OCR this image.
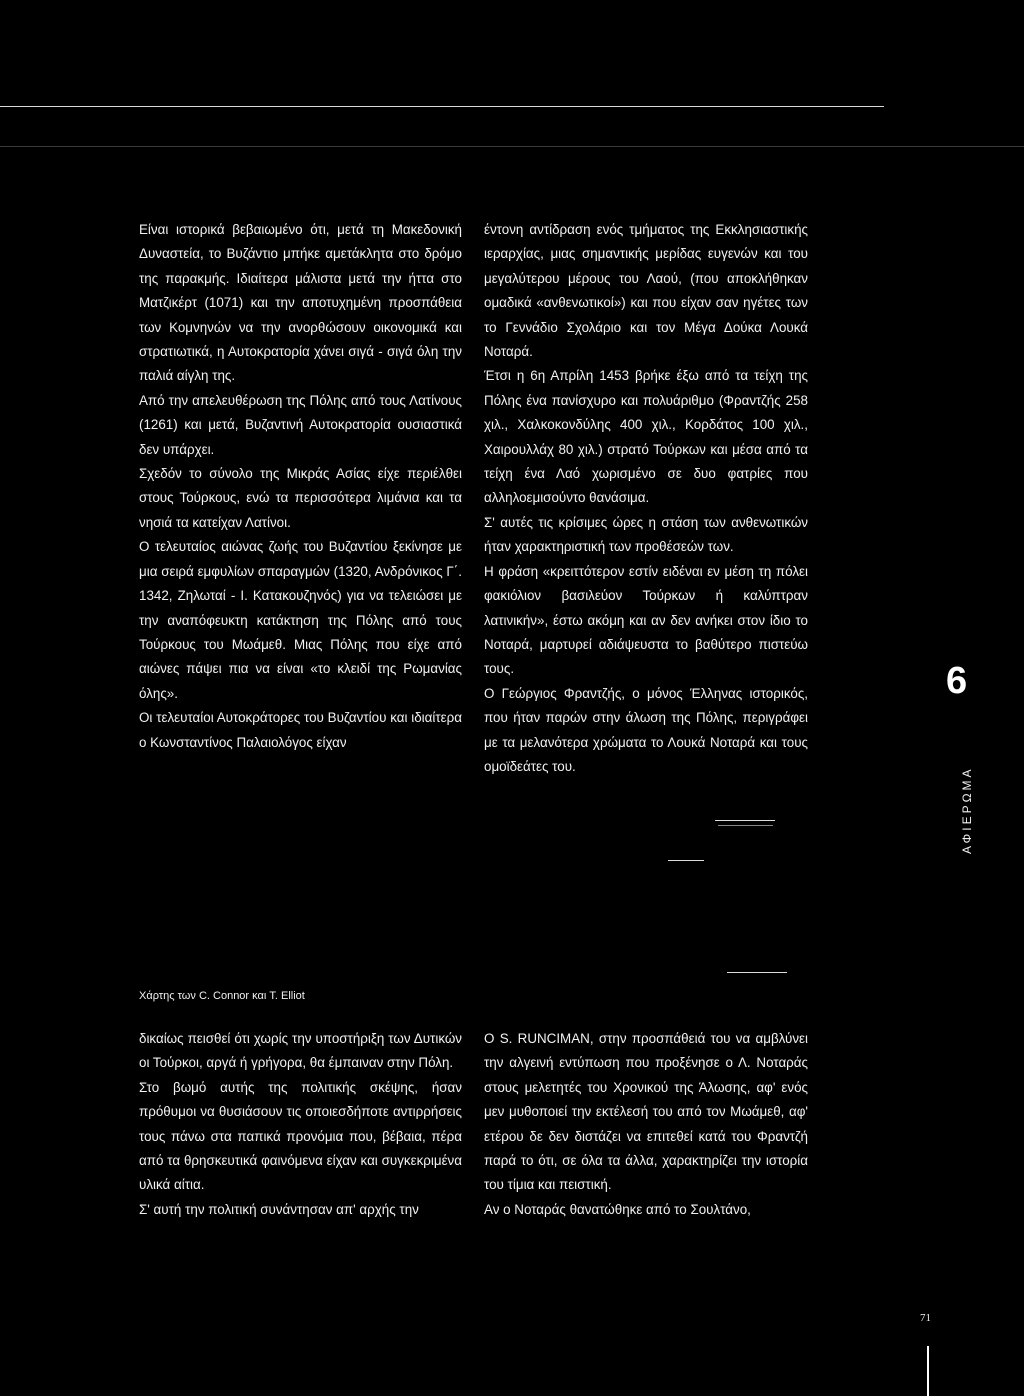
Είναι ιστορικά βεβαιωμένο ότι, μετά τη Μακεδονική Δυναστεία, το Βυζάντιο μπήκε αμετάκλητα στο δρόμο της παρακμής. Ιδιαίτερα μάλιστα μετά την ήττα στο Ματζικέρτ (1071) και την αποτυχημένη προσπάθεια των Κομνηνών να την ανορθώσουν οικονομικά και στρατιωτικά, η Αυτοκρατορία χάνει σιγά - σιγά όλη την παλιά αίγλη της.

Από την απελευθέρωση της Πόλης από τους Λατίνους (1261) και μετά, Βυζαντινή Αυτοκρατορία ουσιαστικά δεν υπάρχει.

Σχεδόν το σύνολο της Μικράς Ασίας είχε περιέλθει στους Τούρκους, ενώ τα περισσότερα λιμάνια και τα νησιά τα κατείχαν Λατίνοι.

Ο τελευταίος αιώνας ζωής του Βυζαντίου ξεκίνησε με μια σειρά εμφυλίων σπαραγμών (1320, Ανδρόνικος Γ΄. 1342, Ζηλωταί - Ι. Κατακουζηνός) για να τελειώσει με την αναπόφευκτη κατάκτηση της Πόλης από τους Τούρκους του Μωάμεθ. Μιας Πόλης που είχε από αιώνες πάψει πια να είναι «το κλειδί της Ρωμανίας όλης».

Οι τελευταίοι Αυτοκράτορες του Βυζαντίου και ιδιαίτερα ο Κωνσταντίνος Παλαιολόγος είχαν

έντονη αντίδραση ενός τμήματος της Εκκλησιαστικής ιεραρχίας, μιας σημαντικής μερίδας ευγενών και του μεγαλύτερου μέρους του Λαού, (που αποκλήθηκαν ομαδικά «ανθενωτικοί») και που είχαν σαν ηγέτες των το Γεννάδιο Σχολάριο και τον Μέγα Δούκα Λουκά Νοταρά.

Έτσι η 6η Απρίλη 1453 βρήκε έξω από τα τείχη της Πόλης ένα πανίσχυρο και πολυάριθμο (Φραντζής 258 χιλ., Χαλκοκονδύλης 400 χιλ., Κορδάτος 100 χιλ., Χαιρουλλάχ 80 χιλ.) στρατό Τούρκων και μέσα από τα τείχη ένα Λαό χωρισμένο σε δυο φατρίες που αλληλοεμισούντο θανάσιμα.

Σ' αυτές τις κρίσιμες ώρες η στάση των ανθενωτικών ήταν χαρακτηριστική των προθέσεών των.

Η φράση «κρειττότερον εστίν ειδέναι εν μέση τη πόλει φακιόλιον βασιλεύον Τούρκων ή καλύπτραν λατινικήν», έστω ακόμη και αν δεν ανήκει στον ίδιο το Νοταρά, μαρτυρεί αδιάψευστα το βαθύτερο πιστεύω τους.

Ο Γεώργιος Φραντζής, ο μόνος Έλληνας ιστορικός, που ήταν παρών στην άλωση της Πόλης, περιγράφει με τα μελανότερα χρώματα το Λουκά Νοταρά και τους ομοϊδεάτες του.

Χάρτης των C. Connor και T. Elliot

δικαίως πεισθεί ότι χωρίς την υποστήριξη των Δυτικών οι Τούρκοι, αργά ή γρήγορα, θα έμπαιναν στην Πόλη.

Στο βωμό αυτής της πολιτικής σκέψης, ήσαν πρόθυμοι να θυσιάσουν τις οποιεσδήποτε αντιρρήσεις τους πάνω στα παπικά προνόμια που, βέβαια, πέρα από τα θρησκευτικά φαινόμενα είχαν και συγκεκριμένα υλικά αίτια.

Σ' αυτή την πολιτική συνάντησαν απ' αρχής την

Ο S. RUNCIMAN, στην προσπάθειά του να αμβλύνει την αλγεινή εντύπωση που προξένησε ο Λ. Νοταράς στους μελετητές του Χρονικού της Άλωσης, αφ' ενός μεν μυθοποιεί την εκτέλεσή του από τον Μωάμεθ, αφ' ετέρου δε δεν διστάζει να επιτεθεί κατά του Φραντζή παρά το ότι, σε όλα τα άλλα, χαρακτηρίζει την ιστορία του τίμια και πειστική.

Αν ο Νοταράς θανατώθηκε από το Σουλτάνο,

6
ΑΦΙΕΡΩΜΑ
71
